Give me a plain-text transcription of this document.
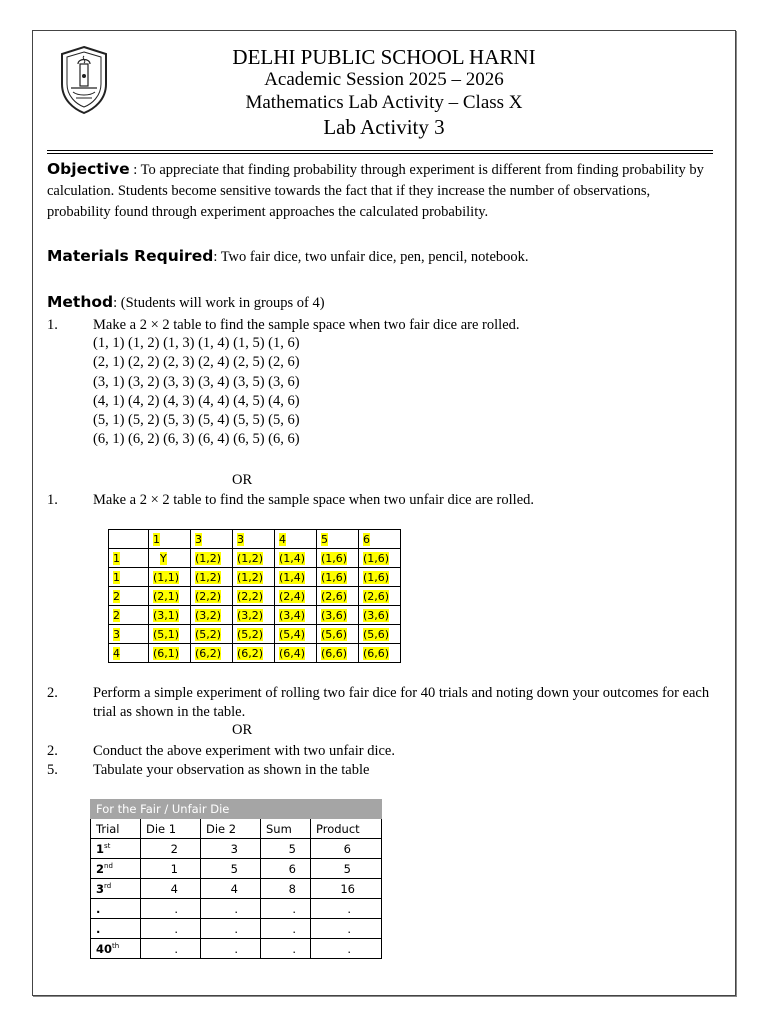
DELHI PUBLIC SCHOOL HARNI
Academic Session 2025 – 2026
Mathematics Lab Activity – Class X
Lab Activity 3
Objective : To appreciate that finding probability through experiment is different from finding probability by calculation. Students become sensitive towards the fact that if they increase the number of observations, probability found through experiment approaches the calculated probability.
Materials Required: Two fair dice, two unfair dice, pen, pencil, notebook.
Method: (Students will work in groups of 4)
1. Make a 2 × 2 table to find the sample space when two fair dice are rolled.
(1, 1) (1, 2) (1, 3) (1, 4) (1, 5) (1, 6)
(2, 1) (2, 2) (2, 3) (2, 4) (2, 5) (2, 6)
(3, 1) (3, 2) (3, 3) (3, 4) (3, 5) (3, 6)
(4, 1) (4, 2) (4, 3) (4, 4) (4, 5) (4, 6)
(5, 1) (5, 2) (5, 3) (5, 4) (5, 5) (5, 6)
(6, 1) (6, 2) (6, 3) (6, 4) (6, 5) (6, 6)
OR
1. Make a 2 × 2 table to find the sample space when two unfair dice are rolled.
	1	3	3	4	5	6
1	Y	(1,2)	(1,2)	(1,4)	(1,6)	(1,6)
1	(1,1)	(1,2)	(1,2)	(1,4)	(1,6)	(1,6)
2	(2,1)	(2,2)	(2,2)	(2,4)	(2,6)	(2,6)
2	(3,1)	(3,2)	(3,2)	(3,4)	(3,6)	(3,6)
3	(5,1)	(5,2)	(5,2)	(5,4)	(5,6)	(5,6)
4	(6,1)	(6,2)	(6,2)	(6,4)	(6,6)	(6,6)
2.	Perform a simple experiment of rolling two fair dice for 40 trials and noting down your outcomes for each trial as shown in the table.
OR
2. Conduct the above experiment with two unfair dice.
5. Tabulate your observation as shown in the table
For the Fair / Unfair Die				
Trial	Die 1	Die 2	Sum	Product
1st	2	3	5	6
2nd	1	5	6	5
3rd	4	4	8	16
.	.	.	.	.
.	.	.	.	.
40th	.	.	.	.
